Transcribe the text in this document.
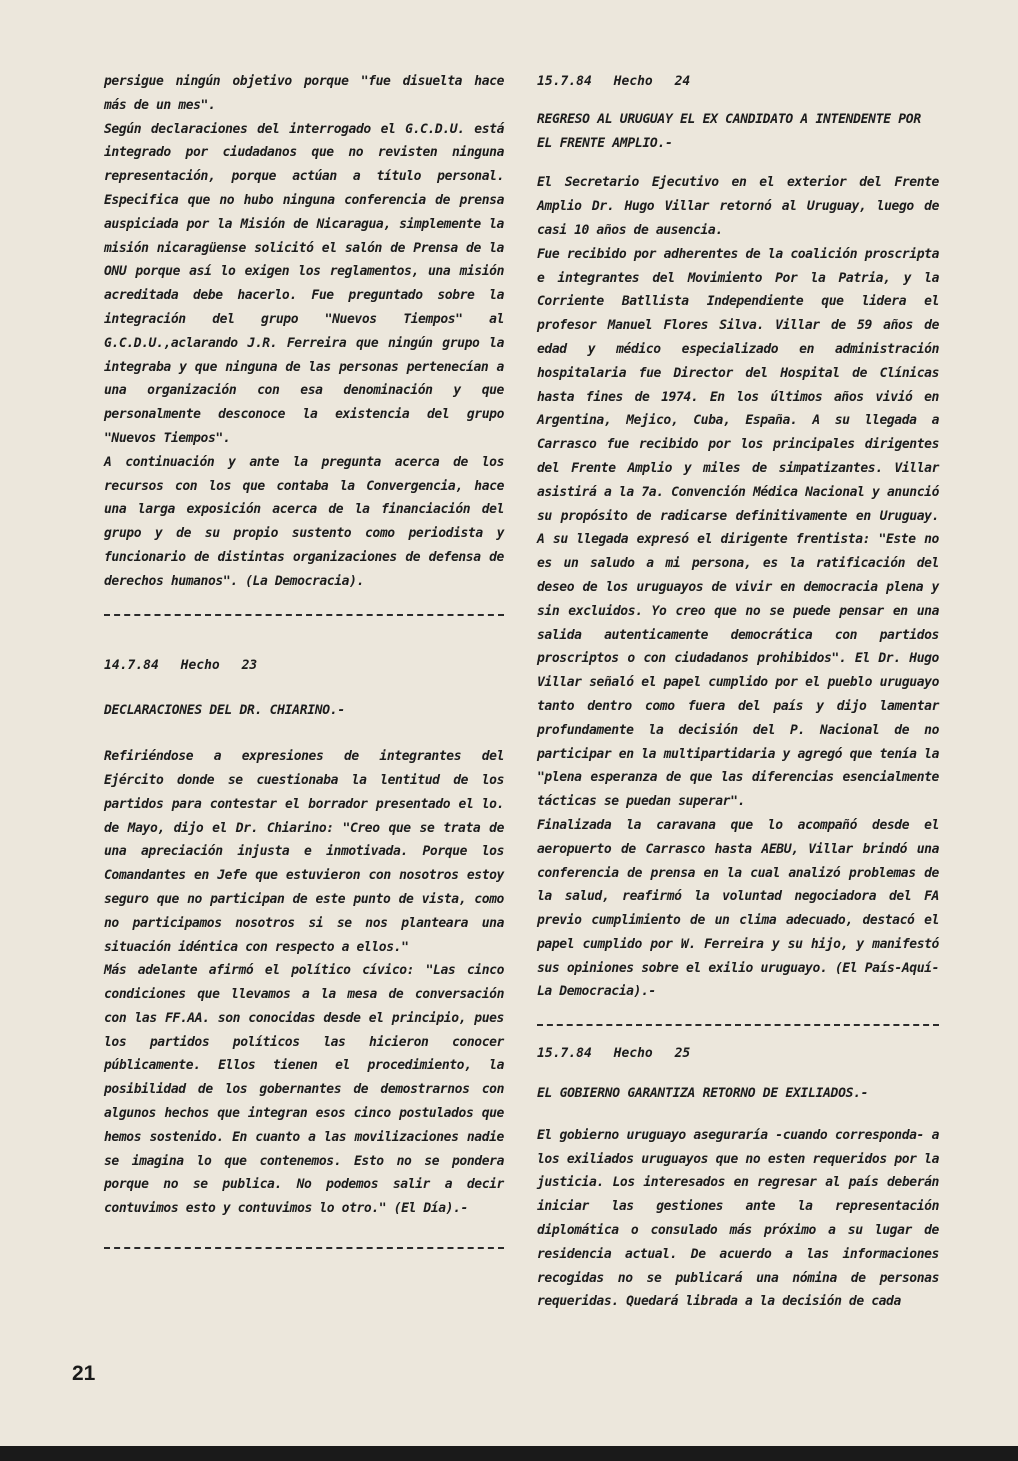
persigue ningún objetivo porque "fue disuelta hace más de un mes".
Según declaraciones del interrogado el G.C.D.U. está integrado por ciudadanos que no revisten ninguna representación, porque actúan a título personal. Especifica que no hubo ninguna conferencia de prensa auspiciada por la Misión de Nicaragua, simplemente la misión nicaragüense solicitó el salón de Prensa de la ONU porque así lo exigen los reglamentos, una misión acreditada debe hacerlo. Fue preguntado sobre la integración del grupo "Nuevos Tiempos" al G.C.D.U.,aclarando J.R. Ferreira que ningún grupo la integraba y que ninguna de las personas pertenecían a una organización con esa denominación y que personalmente desconoce la existencia del grupo "Nuevos Tiempos".
A continuación y ante la pregunta acerca de los recursos con los que contaba la Convergencia, hace una larga exposición acerca de la financiación del grupo y de su propio sustento como periodista y funcionario de distintas organizaciones de defensa de derechos humanos". (La Democracia).

14.7.84 Hecho 23

DECLARACIONES DEL DR. CHIARINO.-

Refiriéndose a expresiones de integrantes del Ejército donde se cuestionaba la lentitud de los partidos para contestar el borrador presentado el lo. de Mayo, dijo el Dr. Chiarino: "Creo que se trata de una apreciación injusta e inmotivada. Porque los Comandantes en Jefe que estuvieron con nosotros estoy seguro que no participan de este punto de vista, como no participamos nosotros si se nos planteara una situación idéntica con respecto a ellos."
Más adelante afirmó el político cívico: "Las cinco condiciones que llevamos a la mesa de conversación con las FF.AA. son conocidas desde el principio, pues los partidos políticos las hicieron conocer públicamente. Ellos tienen el procedimiento, la posibilidad de los gobernantes de demostrarnos con algunos hechos que integran esos cinco postulados que hemos sostenido. En cuanto a las movilizaciones nadie se imagina lo que contenemos. Esto no se pondera porque no se publica. No podemos salir a decir contuvimos esto y contuvimos lo otro." (El Día).-

15.7.84 Hecho 24

REGRESO AL URUGUAY EL EX CANDIDATO A INTENDENTE POR EL FRENTE AMPLIO.-

El Secretario Ejecutivo en el exterior del Frente Amplio Dr. Hugo Villar retornó al Uruguay, luego de casi 10 años de ausencia.
Fue recibido por adherentes de la coalición proscripta e integrantes del Movimiento Por la Patria, y la Corriente Batllista Independiente que lidera el profesor Manuel Flores Silva. Villar de 59 años de edad y médico especializado en administración hospitalaria fue Director del Hospital de Clínicas hasta fines de 1974. En los últimos años vivió en Argentina, Mejico, Cuba, España. A su llegada a Carrasco fue recibido por los principales dirigentes del Frente Amplio y miles de simpatizantes. Villar asistirá a la 7a. Convención Médica Nacional y anunció su propósito de radicarse definitivamente en Uruguay. A su llegada expresó el dirigente frentista: "Este no es un saludo a mi persona, es la ratificación del deseo de los uruguayos de vivir en democracia plena y sin excluidos. Yo creo que no se puede pensar en una salida autenticamente democrática con partidos proscriptos o con ciudadanos prohibidos". El Dr. Hugo Villar señaló el papel cumplido por el pueblo uruguayo tanto dentro como fuera del país y dijo lamentar profundamente la decisión del P. Nacional de no participar en la multipartidaria y agregó que tenía la "plena esperanza de que las diferencias esencialmente tácticas se puedan superar".
Finalizada la caravana que lo acompañó desde el aeropuerto de Carrasco hasta AEBU, Villar brindó una conferencia de prensa en la cual analizó problemas de la salud, reafirmó la voluntad negociadora del FA previo cumplimiento de un clima adecuado, destacó el papel cumplido por W. Ferreira y su hijo, y manifestó sus opiniones sobre el exilio uruguayo. (El País-Aquí-La Democracia).-

15.7.84 Hecho 25

EL GOBIERNO GARANTIZA RETORNO DE EXILIADOS.-

El gobierno uruguayo aseguraría -cuando corresponda- a los exiliados uruguayos que no esten requeridos por la justicia. Los interesados en regresar al país deberán iniciar las gestiones ante la representación diplomática o consulado más próximo a su lugar de residencia actual. De acuerdo a las informaciones recogidas no se publicará una nómina de personas requeridas. Quedará librada a la decisión de cada

21
